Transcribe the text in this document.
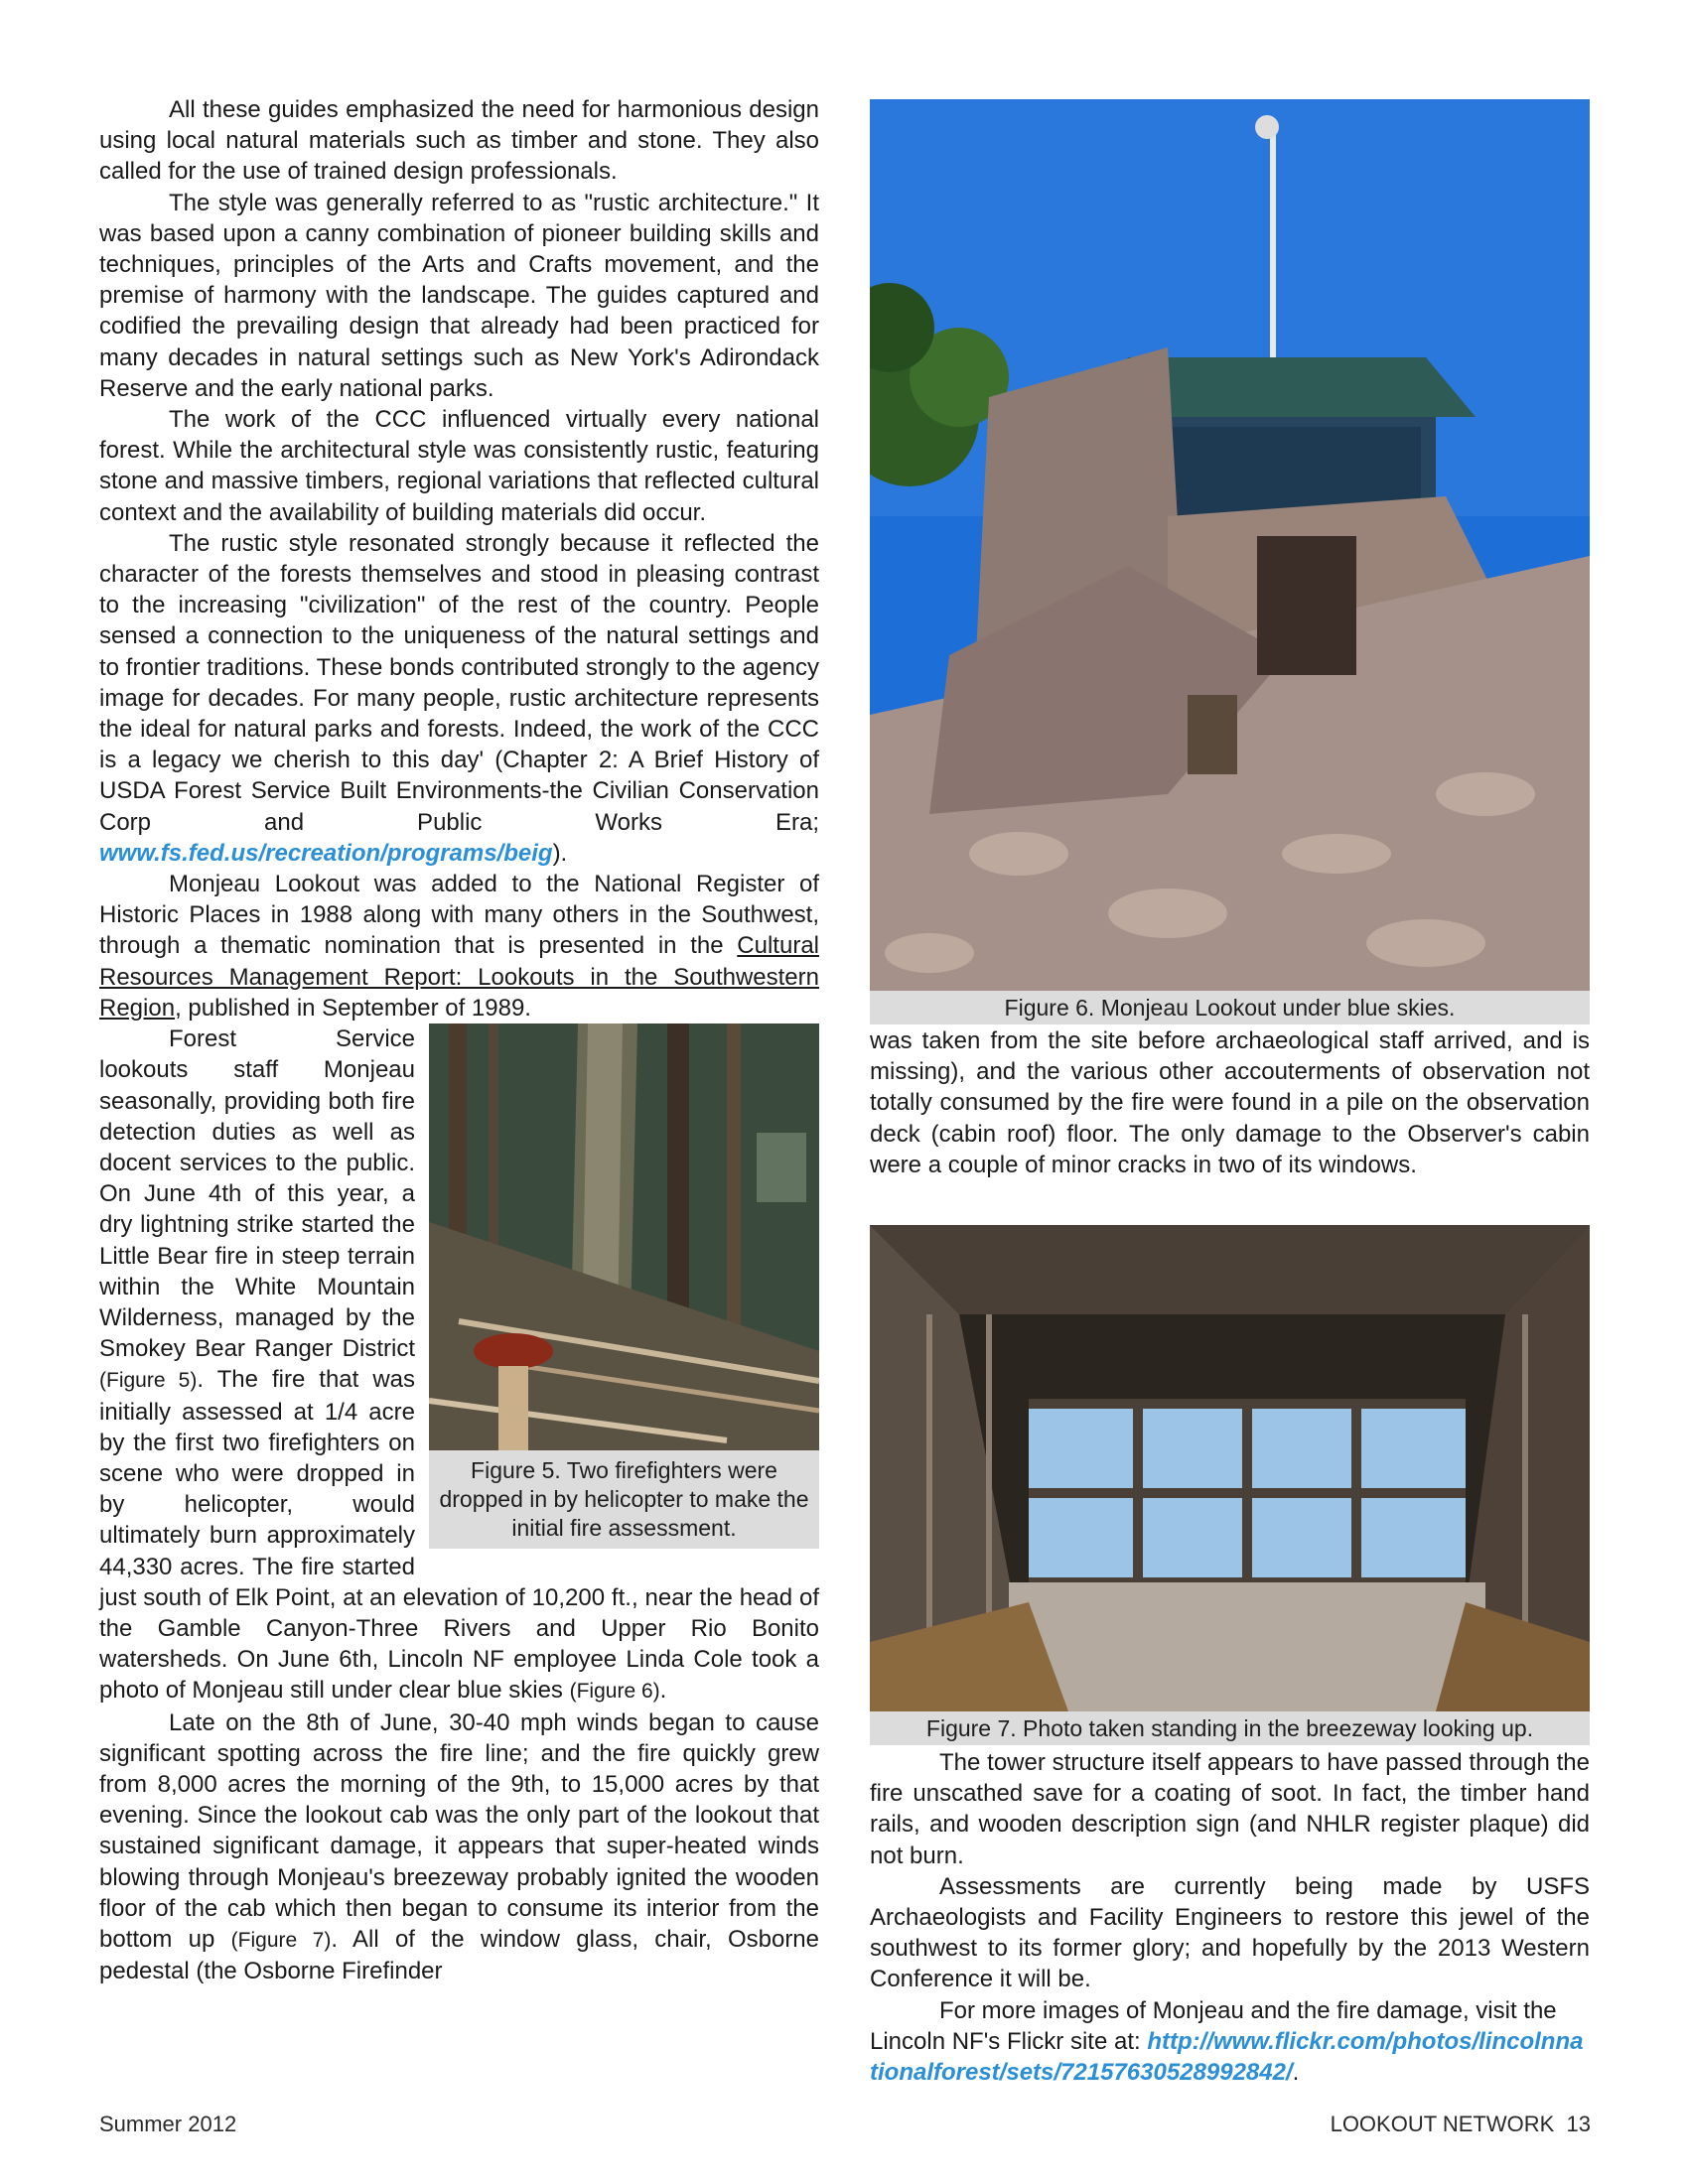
All these guides emphasized the need for harmonious design using local natural materials such as timber and stone. They also called for the use of trained design professionals.

The style was generally referred to as "rustic architecture." It was based upon a canny combination of pioneer building skills and techniques, principles of the Arts and Crafts movement, and the premise of harmony with the landscape. The guides captured and codified the prevailing design that already had been practiced for many decades in natural settings such as New York's Adirondack Reserve and the early national parks.

The work of the CCC influenced virtually every national forest. While the architectural style was consistently rustic, featuring stone and massive timbers, regional variations that reflected cultural context and the availability of building materials did occur.

The rustic style resonated strongly because it reflected the character of the forests themselves and stood in pleasing contrast to the increasing "civilization" of the rest of the country. People sensed a connection to the uniqueness of the natural settings and to frontier traditions. These bonds contributed strongly to the agency image for decades. For many people, rustic architecture represents the ideal for natural parks and forests. Indeed, the work of the CCC is a legacy we cherish to this day' (Chapter 2: A Brief History of USDA Forest Service Built Environments-the Civilian Conservation Corp and Public Works Era; www.fs.fed.us/recreation/programs/beig).

Monjeau Lookout was added to the National Register of Historic Places in 1988 along with many others in the Southwest, through a thematic nomination that is presented in the Cultural Resources Management Report: Lookouts in the Southwestern Region, published in September of 1989.

Figure 5. Two firefighters were dropped in by helicopter to make the initial fire assessment.

Forest Service lookouts staff Monjeau seasonally, providing both fire detection duties as well as docent services to the public. On June 4th of this year, a dry lightning strike started the Little Bear fire in steep terrain within the White Mountain Wilderness, managed by the Smokey Bear Ranger District (Figure 5). The fire that was initially assessed at 1/4 acre by the first two firefighters on scene who were dropped in by helicopter, would ultimately burn approximately 44,330 acres. The fire started just south of Elk Point, at an elevation of 10,200 ft., near the head of the Gamble Canyon-Three Rivers and Upper Rio Bonito watersheds. On June 6th, Lincoln NF employee Linda Cole took a photo of Monjeau still under clear blue skies (Figure 6).

Late on the 8th of June, 30-40 mph winds began to cause significant spotting across the fire line; and the fire quickly grew from 8,000 acres the morning of the 9th, to 15,000 acres by that evening. Since the lookout cab was the only part of the lookout that sustained significant damage, it appears that super-heated winds blowing through Monjeau's breezeway probably ignited the wooden floor of the cab which then began to consume its interior from the bottom up (Figure 7). All of the window glass, chair, Osborne pedestal (the Osborne Firefinder

Figure 6. Monjeau Lookout under blue skies.

was taken from the site before archaeological staff arrived, and is missing), and the various other accouterments of observation not totally consumed by the fire were found in a pile on the observation deck (cabin roof) floor. The only damage to the Observer's cabin were a couple of minor cracks in two of its windows.

Figure 7. Photo taken standing in the breezeway looking up.

The tower structure itself appears to have passed through the fire unscathed save for a coating of soot. In fact, the timber hand rails, and wooden description sign (and NHLR register plaque) did not burn.

Assessments are currently being made by USFS Archaeologists and Facility Engineers to restore this jewel of the southwest to its former glory; and hopefully by the 2013 Western Conference it will be.

For more images of Monjeau and the fire damage, visit the Lincoln NF's Flickr site at: http://www.flickr.com/photos/lincolnnationalforest/sets/72157630528992842/.

Summer 2012	LOOKOUT NETWORK  13
